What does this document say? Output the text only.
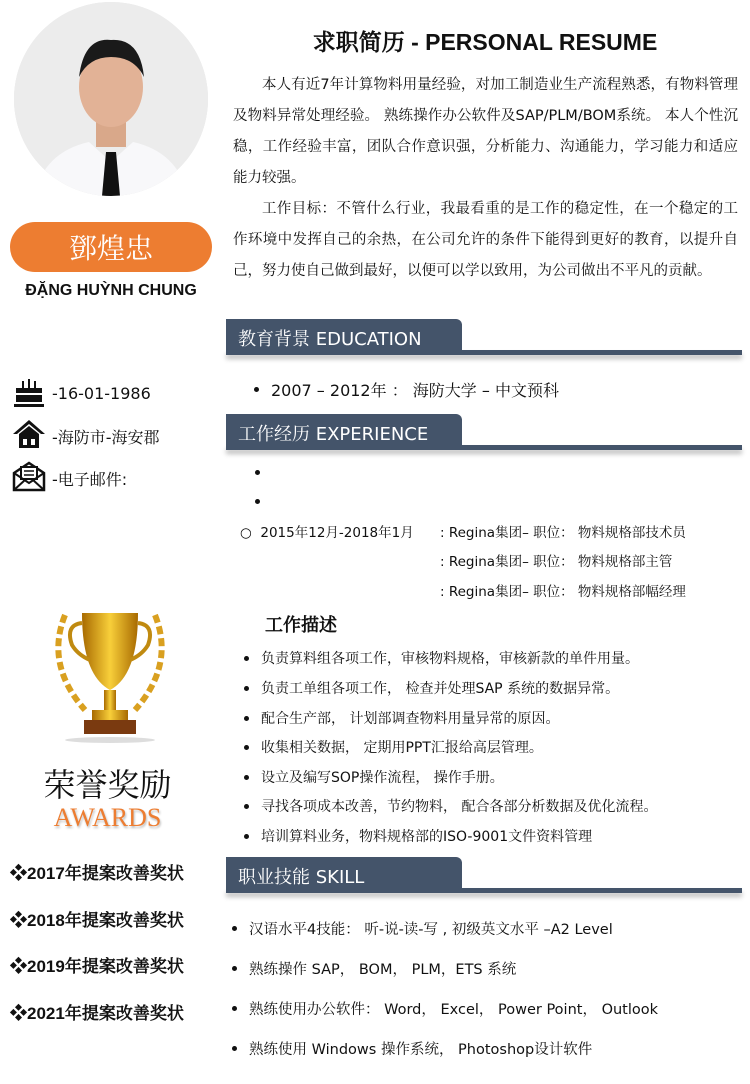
鄧煌忠
ĐẶNG HUỲNH CHUNG
-16-01-1986
-海防市-海安郡
-电子邮件:
荣誉奖励
AWARDS
❖2017年提案改善奖状
❖2018年提案改善奖状
❖2019年提案改善奖状
❖2021年提案改善奖状
求职简历 - PERSONAL RESUME

本人有近7年计算物料用量经验，对加工制造业生产流程熟悉，有物料管理及物料异常处理经验。 熟练操作办公软件及SAP/PLM/BOM系统。 本人个性沉稳，工作经验丰富，团队合作意识强，分析能力、沟通能力，学习能力和适应能力较强。

工作目标：不管什么行业，我最看重的是工作的稳定性，在一个稳定的工作环境中发挥自己的余热，在公司允许的条件下能得到更好的教育，以提升自己，努力使自己做到最好，以便可以学以致用，为公司做出不平凡的贡献。

教育背景 EDUCATION
2007 – 2012年 ： 海防大学 – 中文预科
工作经历 EXPERIENCE
○  2015年12月-2018年1月 : Regina集团– 职位： 物料规格部技术员
: Regina集团– 职位： 物料规格部主管
: Regina集团– 职位： 物料规格部幅经理
工作描述
负责算料组各项工作，审核物料规格，审核新款的单件用量。
负责工单组各项工作， 检查并处理SAP 系统的数据异常。
配合生产部， 计划部调查物料用量异常的原因。
收集相关数据， 定期用PPT汇报给高层管理。
设立及编写SOP操作流程， 操作手册。
寻找各项成本改善，节约物料， 配合各部分析数据及优化流程。
培训算料业务，物料规格部的ISO-9001文件资料管理
职业技能 SKILL
汉语水平4技能： 听-说-读-写 , 初级英文水平 –A2 Level
熟练操作 SAP， BOM， PLM，ETS 系统
熟练使用办公软件： Word， Excel， Power Point， Outlook
熟练使用 Windows 操作系统， Photoshop设计软件
